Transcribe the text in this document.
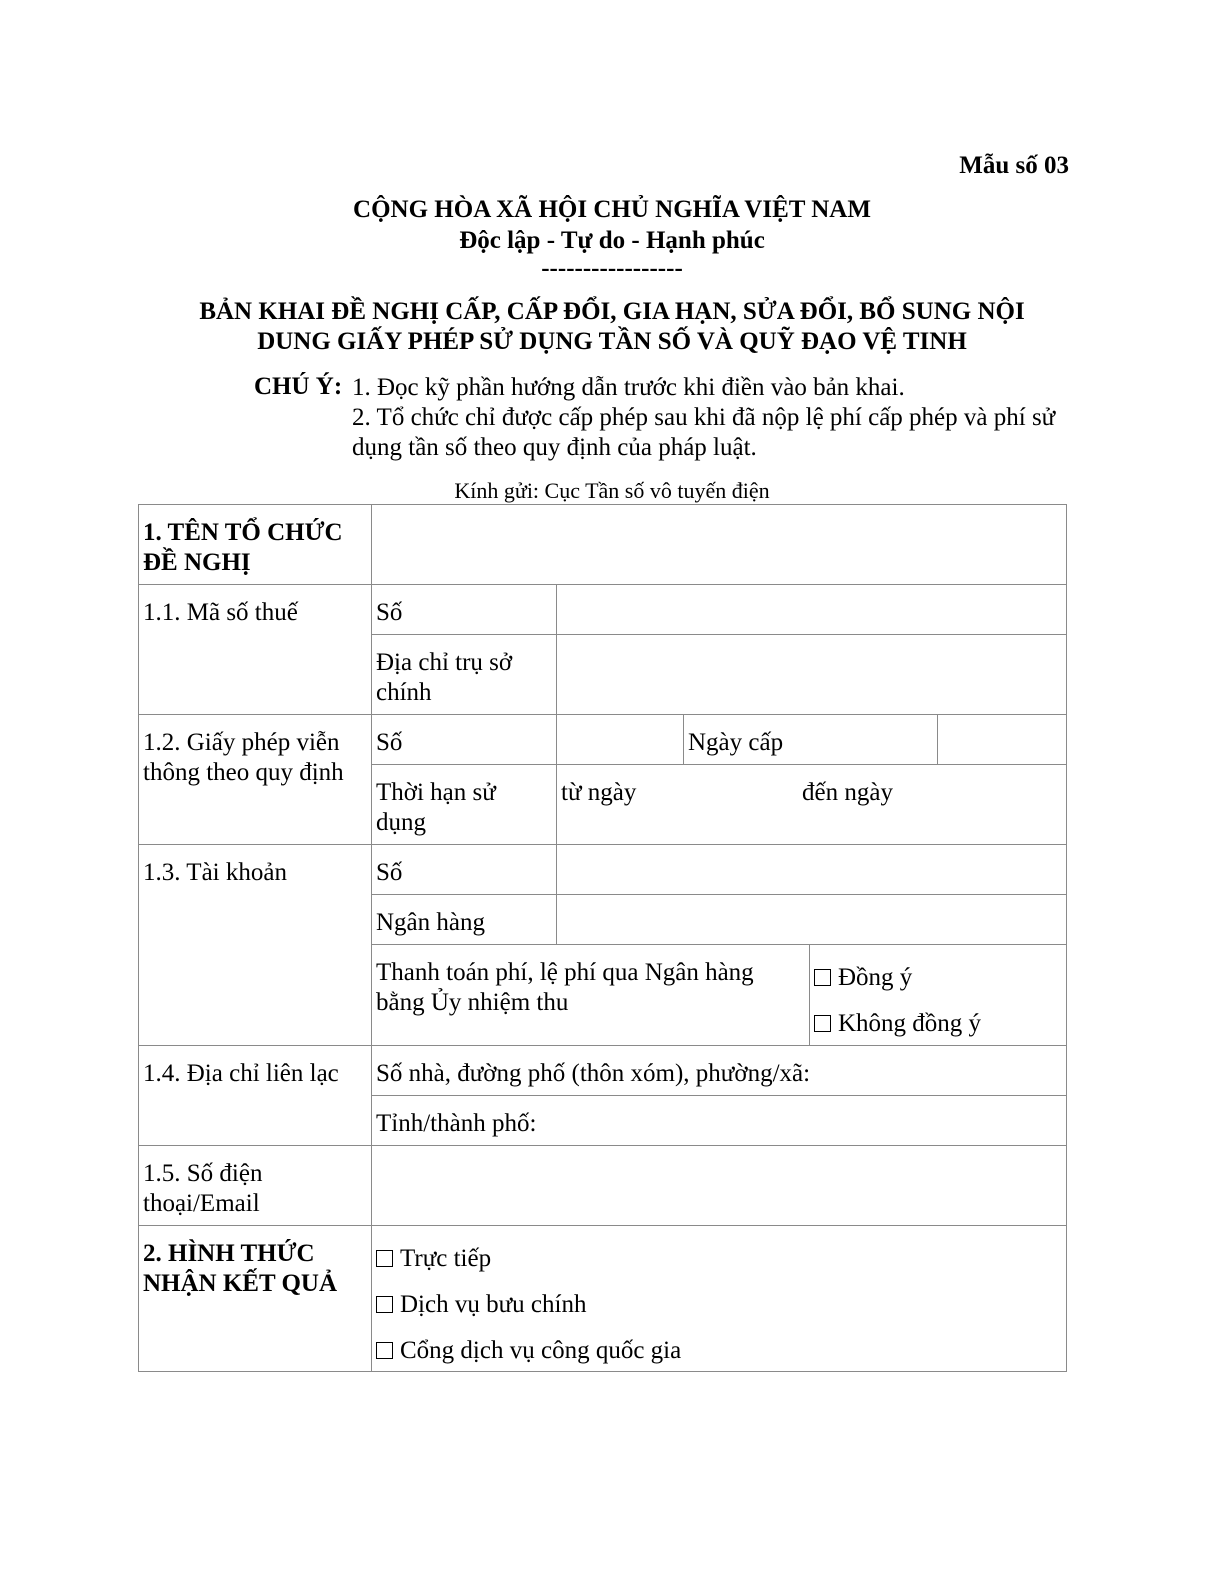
Mẫu số 03
CỘNG HÒA XÃ HỘI CHỦ NGHĨA VIỆT NAM
Độc lập - Tự do - Hạnh phúc
-----------------
BẢN KHAI ĐỀ NGHỊ CẤP, CẤP ĐỔI, GIA HẠN, SỬA ĐỔI, BỔ SUNG NỘI
DUNG GIẤY PHÉP SỬ DỤNG TẦN SỐ VÀ QUỸ ĐẠO VỆ TINH
CHÚ Ý: 1. Đọc kỹ phần hướng dẫn trước khi điền vào bản khai.
2. Tổ chức chỉ được cấp phép sau khi đã nộp lệ phí cấp phép và phí sử dụng tần số theo quy định của pháp luật.
Kính gửi: Cục Tần số vô tuyến điện
1. TÊN TỔ CHỨC ĐỀ NGHỊ					
1.1. Mã số thuế	Số				
	Địa chỉ trụ sở chính				
1.2. Giấy phép viễn thông theo quy định	Số		Ngày cấp		
	Thời hạn sử dụng	từ ngày đến ngày			

1.3. Tài khoản	Số				
	Ngân hàng				
	Thanh toán phí, lệ phí qua Ngân hàng bằng Ủy nhiệm thu			Đồng ý
Không đồng ý	

1.4. Địa chỉ liên lạc	Số nhà, đường phố (thôn xóm), phường/xã:				
	Tỉnh/thành phố:				
1.5. Số điện thoại/Email					
2. HÌNH THỨC NHẬN KẾT QUẢ	Trực tiếp
Dịch vụ bưu chính
Cổng dịch vụ công quốc gia				
